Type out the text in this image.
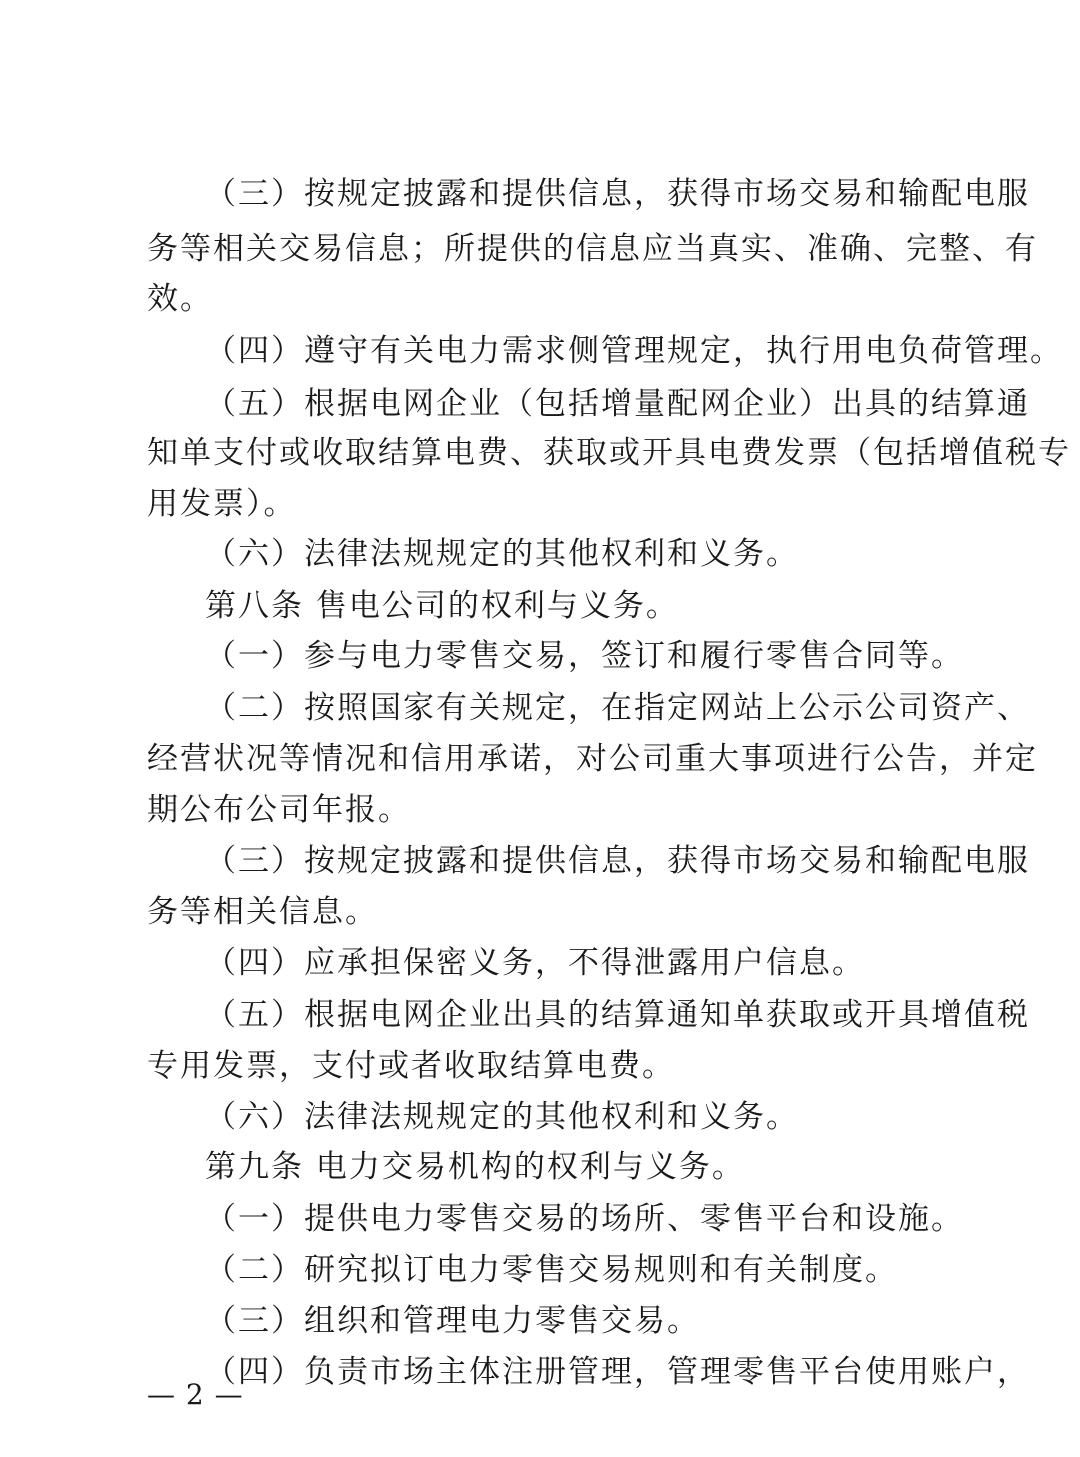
（三）按规定披露和提供信息，获得市场交易和输配电服
务等相关交易信息；所提供的信息应当真实、准确、完整、有
效。
（四）遵守有关电力需求侧管理规定，执行用电负荷管理。
（五）根据电网企业（包括增量配网企业）出具的结算通
知单支付或收取结算电费、获取或开具电费发票（包括增值税专
用发票）。
（六）法律法规规定的其他权利和义务。
第八条 售电公司的权利与义务。
（一）参与电力零售交易，签订和履行零售合同等。
（二）按照国家有关规定，在指定网站上公示公司资产、
经营状况等情况和信用承诺，对公司重大事项进行公告，并定
期公布公司年报。
（三）按规定披露和提供信息，获得市场交易和输配电服
务等相关信息。
（四）应承担保密义务，不得泄露用户信息。
（五）根据电网企业出具的结算通知单获取或开具增值税
专用发票，支付或者收取结算电费。
（六）法律法规规定的其他权利和义务。
第九条 电力交易机构的权利与义务。
（一）提供电力零售交易的场所、零售平台和设施。
（二）研究拟订电力零售交易规则和有关制度。
（三）组织和管理电力零售交易。
（四）负责市场主体注册管理，管理零售平台使用账户，
— 2 —
